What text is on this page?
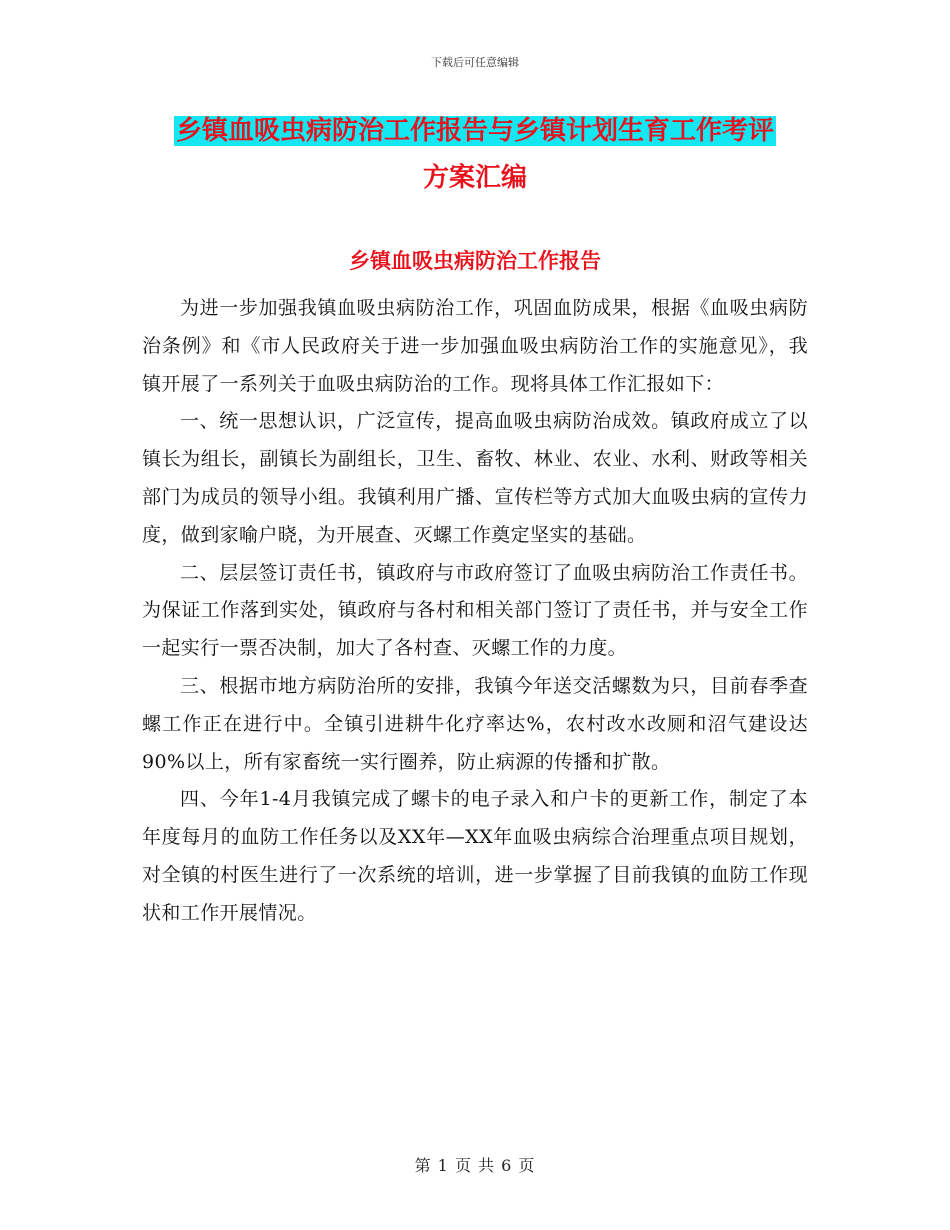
下载后可任意编辑
乡镇血吸虫病防治工作报告与乡镇计划生育工作考评
方案汇编
乡镇血吸虫病防治工作报告

为进一步加强我镇血吸虫病防治工作，巩固血防成果，根据《血吸虫病防治条例》和《市人民政府关于进一步加强血吸虫病防治工作的实施意见》，我镇开展了一系列关于血吸虫病防治的工作。现将具体工作汇报如下：

一、统一思想认识，广泛宣传，提高血吸虫病防治成效。镇政府成立了以镇长为组长，副镇长为副组长，卫生、畜牧、林业、农业、水利、财政等相关部门为成员的领导小组。我镇利用广播、宣传栏等方式加大血吸虫病的宣传力度，做到家喻户晓，为开展查、灭螺工作奠定坚实的基础。

二、层层签订责任书，镇政府与市政府签订了血吸虫病防治工作责任书。为保证工作落到实处，镇政府与各村和相关部门签订了责任书，并与安全工作一起实行一票否决制，加大了各村查、灭螺工作的力度。

三、根据市地方病防治所的安排，我镇今年送交活螺数为只，目前春季查螺工作正在进行中。全镇引进耕牛化疗率达%，农村改水改厕和沼气建设达90%以上，所有家畜统一实行圈养，防止病源的传播和扩散。

四、今年1-4月我镇完成了螺卡的电子录入和户卡的更新工作，制定了本年度每月的血防工作任务以及XX年—XX年血吸虫病综合治理重点项目规划，对全镇的村医生进行了一次系统的培训，进一步掌握了目前我镇的血防工作现状和工作开展情况。

第 1 页 共 6 页
